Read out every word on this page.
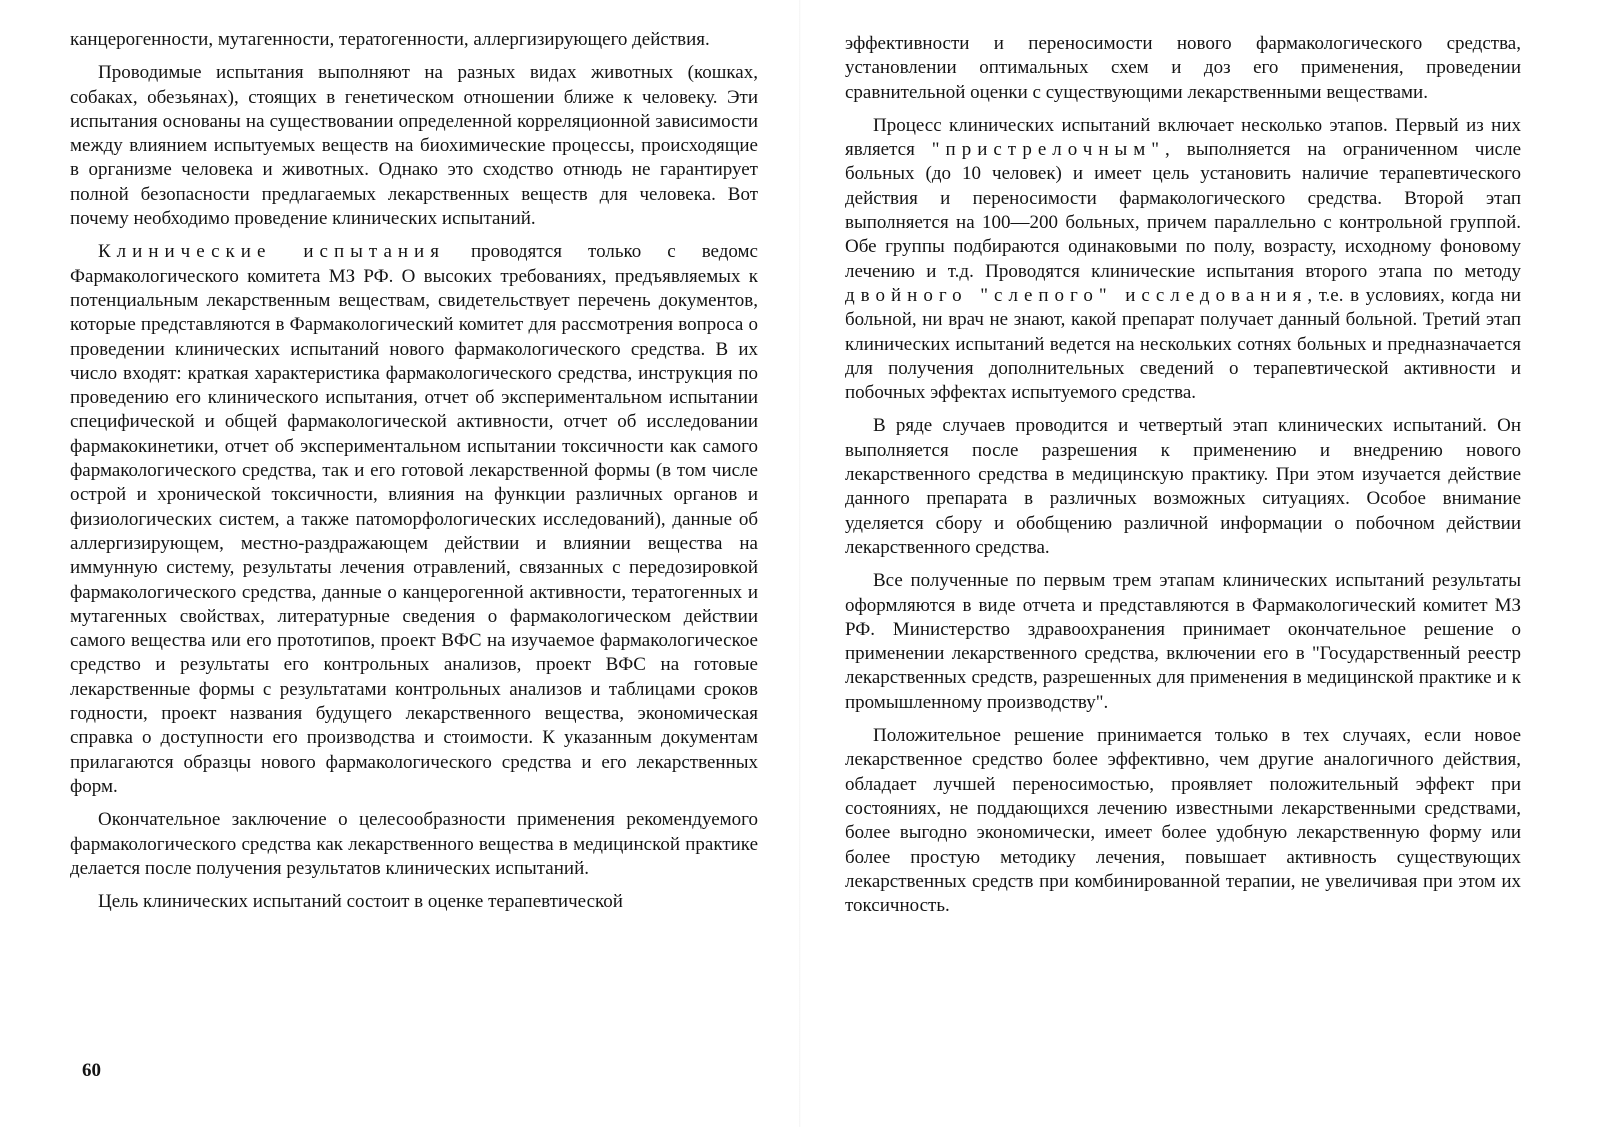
канцерогенности, мутагенности, тератогенности, аллергизирующего действия.

Проводимые испытания выполняют на разных видах животных (кошках, собаках, обезьянах), стоящих в генетическом отношении ближе к человеку. Эти испытания основаны на существовании определенной корреляционной зависимости между влиянием испытуемых веществ на биохимические процессы, происходящие в организме человека и животных. Однако это сходство отнюдь не гарантирует полной безопасности предлагаемых лекарственных веществ для человека. Вот почему необходимо проведение клинических испытаний.

Клинические испытания проводятся только с ведомс Фармакологического комитета МЗ РФ. О высоких требованиях, предъявляемых к потенциальным лекарственным веществам, свидетельствует перечень документов, которые представляются в Фармакологический комитет для рассмотрения вопроса о проведении клинических испытаний нового фармакологического средства. В их число входят: краткая характеристика фармакологического средства, инструкция по проведению его клинического испытания, отчет об экспериментальном испытании специфической и общей фармакологической активности, отчет об исследовании фармакокинетики, отчет об экспериментальном испытании токсичности как самого фармакологического средства, так и его готовой лекарственной формы (в том числе острой и хронической токсичности, влияния на функции различных органов и физиологических систем, а также патоморфологических исследований), данные об аллергизирующем, местно-раздражающем действии и влиянии вещества на иммунную систему, результаты лечения отравлений, связанных с передозировкой фармакологического средства, данные о канцерогенной активности, тератогенных и мутагенных свойствах, литературные сведения о фармакологическом действии самого вещества или его прототипов, проект ВФС на изучаемое фармакологическое средство и результаты его контрольных анализов, проект ВФС на готовые лекарственные формы с результатами контрольных анализов и таблицами сроков годности, проект названия будущего лекарственного вещества, экономическая справка о доступности его производства и стоимости. К указанным документам прилагаются образцы нового фармакологического средства и его лекарственных форм.

Окончательное заключение о целесообразности применения рекомендуемого фармакологического средства как лекарственного вещества в медицинской практике делается после получения результатов клинических испытаний.

Цель клинических испытаний состоит в оценке терапевтической

60

эффективности и переносимости нового фармакологического средства, установлении оптимальных схем и доз его применения, проведении сравнительной оценки с существующими лекарственными веществами.

Процесс клинических испытаний включает несколько этапов. Первый из них является "пристрелочным", выполняется на ограниченном числе больных (до 10 человек) и имеет цель установить наличие терапевтического действия и переносимости фармакологического средства. Второй этап выполняется на 100—200 больных, причем параллельно с контрольной группой. Обе группы подбираются одинаковыми по полу, возрасту, исходному фоновому лечению и т.д. Проводятся клинические испытания второго этапа по методу двойного "слепого" исследования, т.е. в условиях, когда ни больной, ни врач не знают, какой препарат получает данный больной. Третий этап клинических испытаний ведется на нескольких сотнях больных и предназначается для получения дополнительных сведений о терапевтической активности и побочных эффектах испытуемого средства.

В ряде случаев проводится и четвертый этап клинических испытаний. Он выполняется после разрешения к применению и внедрению нового лекарственного средства в медицинскую практику. При этом изучается действие данного препарата в различных возможных ситуациях. Особое внимание уделяется сбору и обобщению различной информации о побочном действии лекарственного средства.

Все полученные по первым трем этапам клинических испытаний результаты оформляются в виде отчета и представляются в Фармакологический комитет МЗ РФ. Министерство здравоохранения принимает окончательное решение о применении лекарственного средства, включении его в "Государственный реестр лекарственных средств, разрешенных для применения в медицинской практике и к промышленному производству".

Положительное решение принимается только в тех случаях, если новое лекарственное средство более эффективно, чем другие аналогичного действия, обладает лучшей переносимостью, проявляет положительный эффект при состояниях, не поддающихся лечению известными лекарственными средствами, более выгодно экономически, имеет более удобную лекарственную форму или более простую методику лечения, повышает активность существующих лекарственных средств при комбинированной терапии, не увеличивая при этом их токсичность.
